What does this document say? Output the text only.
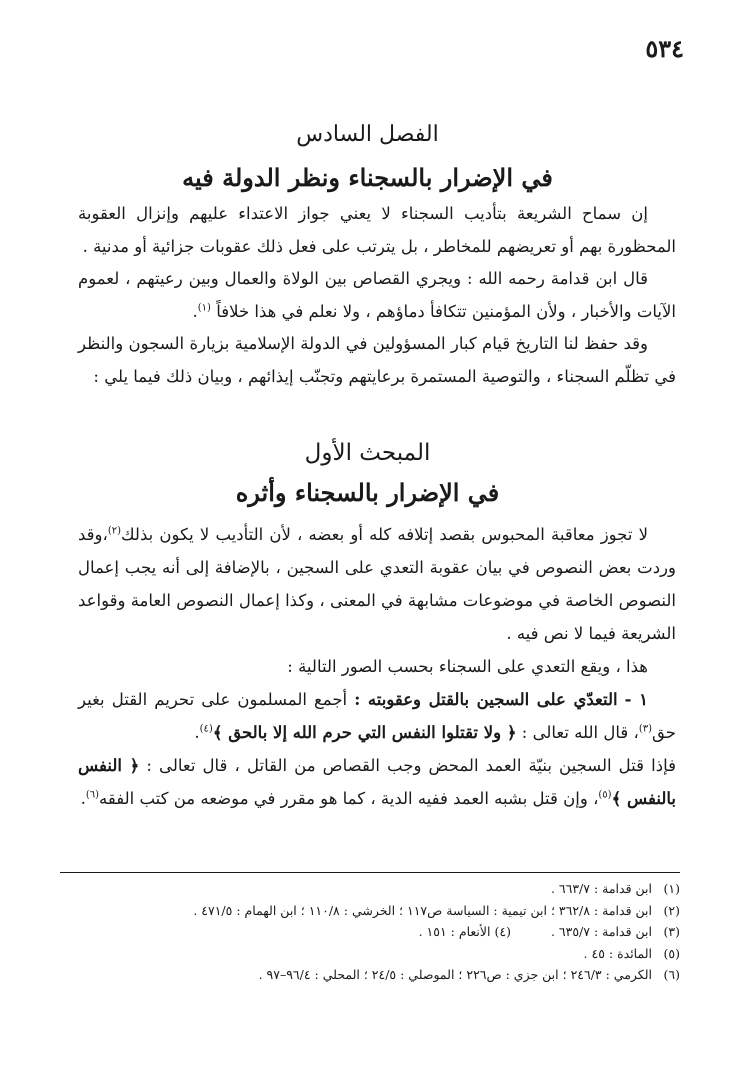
٥٣٤
الفصل السادس
في الإضرار بالسجناء ونظر الدولة فيه

إن سماح الشريعة بتأديب السجناء لا يعني جواز الاعتداء عليهم وإنزال العقوبة المحظورة بهم أو تعريضهم للمخاطر ، بل يترتب على فعل ذلك عقوبات جزائية أو مدنية .

قال ابن قدامة رحمه الله : ويجري القصاص بين الولاة والعمال وبين رعيتهم ، لعموم الآيات والأخبار ، ولأن المؤمنين تتكافأ دماؤهم ، ولا نعلم في هذا خلافاً $^{(١)}$.

وقد حفظ لنا التاريخ قيام كبار المسؤولين في الدولة الإسلامية بزيارة السجون والنظر في تظلّم السجناء ، والتوصية المستمرة برعايتهم وتجنّب إيذائهم ، وبيان ذلك فيما يلي :

المبحث الأول
في الإضرار بالسجناء وأثره

لا تجوز معاقبة المحبوس بقصد إتلافه كله أو بعضه ، لأن التأديب لا يكون بذلك$^{(٢)}$،وقد وردت بعض النصوص في بيان عقوبة التعدي على السجين ، بالإضافة إلى أنه يجب إعمال النصوص الخاصة في موضوعات مشابهة في المعنى ، وكذا إعمال النصوص العامة وقواعد الشريعة فيما لا نص فيه .

هذا ، ويقع التعدي على السجناء بحسب الصور التالية :

١ - التعدّي على السجين بالقتل وعقوبته : أجمع المسلمون على تحريم القتل بغير حق$^{(٣)}$، قال الله تعالى : ﴿ ولا تقتلوا النفس التي حرم الله إلا بالحق ﴾$^{(٤)}$.

فإذا قتل السجين بنيّة العمد المحض وجب القصاص من القاتل ، قال تعالى : ﴿ النفس بالنفس ﴾$^{(٥)}$، وإن قتل بشبه العمد ففيه الدية ، كما هو مقرر في موضعه من كتب الفقه$^{(٦)}$.

(١)
ابن قدامة : ٦٦٣/٧ .
(٢)
ابن قدامة : ٣٦٢/٨ ؛ ابن تيمية : السياسة ص١١٧ ؛ الخرشي : ١١٠/٨ ؛ ابن الهمام : ٤٧١/٥ .
(٣)
ابن قدامة : ٦٣٥/٧ .
(٤) الأنعام : ١٥١ .
(٥)
المائدة : ٤٥ .
(٦)
الكرمي : ٢٤٦/٣ ؛ ابن جزي : ص٢٢٦ ؛ الموصلي : ٢٤/٥ ؛ المحلي : ٩٦/٤–٩٧ .
